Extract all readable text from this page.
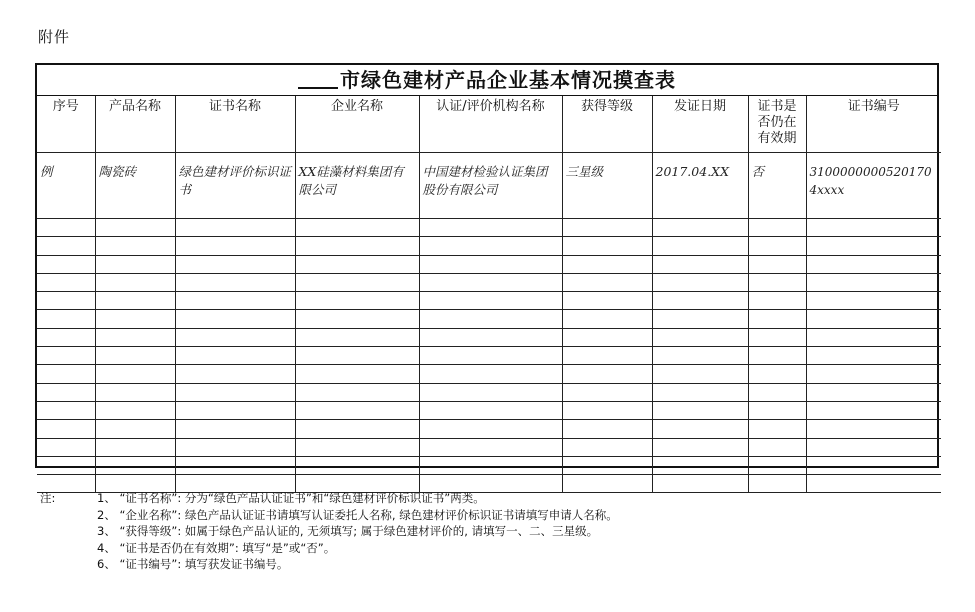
附件
市绿色建材产品企业基本情况摸查表
序号	产品名称	证书名称	企业名称	认证/评价机构名称	获得等级	发证日期	证书是否仍在有效期	证书编号
例	陶瓷砖	绿色建材评价标识证书	XX硅藻材料集团有限公司	中国建材检验认证集团股份有限公司	三星级	2017.04.XX	否	31000000005201704xxxx

注:	1、 “证书名称”: 分为“绿色产品认证证书”和“绿色建材评价标识证书”两类。
2、 “企业名称”: 绿色产品认证证书请填写认证委托人名称, 绿色建材评价标识证书请填写申请人名称。
3、 “获得等级”: 如属于绿色产品认证的, 无须填写; 属于绿色建材评价的, 请填写一、二、三星级。
4、 “证书是否仍在有效期”: 填写“是”或“否”。
6、 “证书编号”: 填写获发证书编号。
